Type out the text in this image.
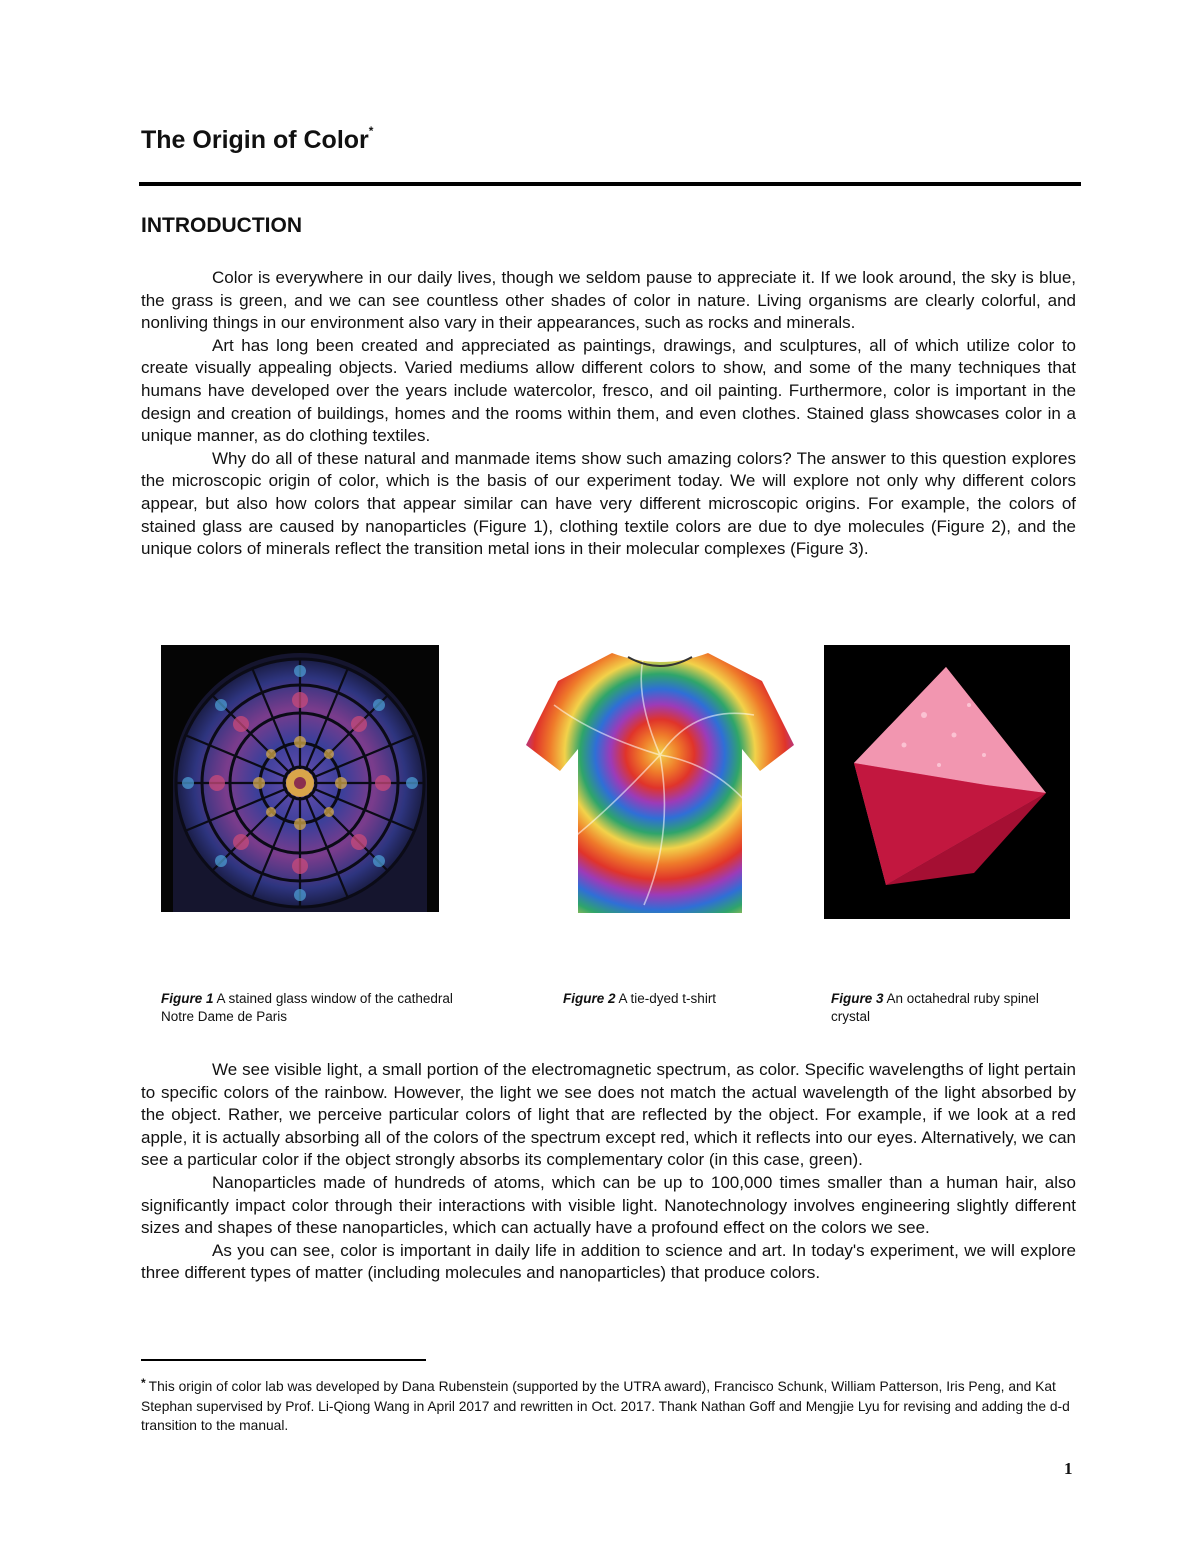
The Origin of Color*
INTRODUCTION

Color is everywhere in our daily lives, though we seldom pause to appreciate it. If we look around, the sky is blue, the grass is green, and we can see countless other shades of color in nature. Living organisms are clearly colorful, and nonliving things in our environment also vary in their appearances, such as rocks and minerals.

Art has long been created and appreciated as paintings, drawings, and sculptures, all of which utilize color to create visually appealing objects. Varied mediums allow different colors to show, and some of the many techniques that humans have developed over the years include watercolor, fresco, and oil painting. Furthermore, color is important in the design and creation of buildings, homes and the rooms within them, and even clothes. Stained glass showcases color in a unique manner, as do clothing textiles.

Why do all of these natural and manmade items show such amazing colors? The answer to this question explores the microscopic origin of color, which is the basis of our experiment today. We will explore not only why different colors appear, but also how colors that appear similar can have very different microscopic origins. For example, the colors of stained glass are caused by nanoparticles (Figure 1), clothing textile colors are due to dye molecules (Figure 2), and the unique colors of minerals reflect the transition metal ions in their molecular complexes (Figure 3).

Figure 1 A stained glass window of the cathedral Notre Dame de Paris
Figure 2 A tie-dyed t-shirt	Figure 3 An octahedral ruby spinel crystal

We see visible light, a small portion of the electromagnetic spectrum, as color. Specific wavelengths of light pertain to specific colors of the rainbow. However, the light we see does not match the actual wavelength of the light absorbed by the object. Rather, we perceive particular colors of light that are reflected by the object. For example, if we look at a red apple, it is actually absorbing all of the colors of the spectrum except red, which it reflects into our eyes. Alternatively, we can see a particular color if the object strongly absorbs its complementary color (in this case, green).

Nanoparticles made of hundreds of atoms, which can be up to 100,000 times smaller than a human hair, also significantly impact color through their interactions with visible light. Nanotechnology involves engineering slightly different sizes and shapes of these nanoparticles, which can actually have a profound effect on the colors we see.

As you can see, color is important in daily life in addition to science and art. In today's experiment, we will explore three different types of matter (including molecules and nanoparticles) that produce colors.

* This origin of color lab was developed by Dana Rubenstein (supported by the UTRA award), Francisco Schunk, William Patterson, Iris Peng, and Kat Stephan supervised by Prof. Li-Qiong Wang in April 2017 and rewritten in Oct. 2017. Thank Nathan Goff and Mengjie Lyu for revising and adding the d-d transition to the manual.
1
